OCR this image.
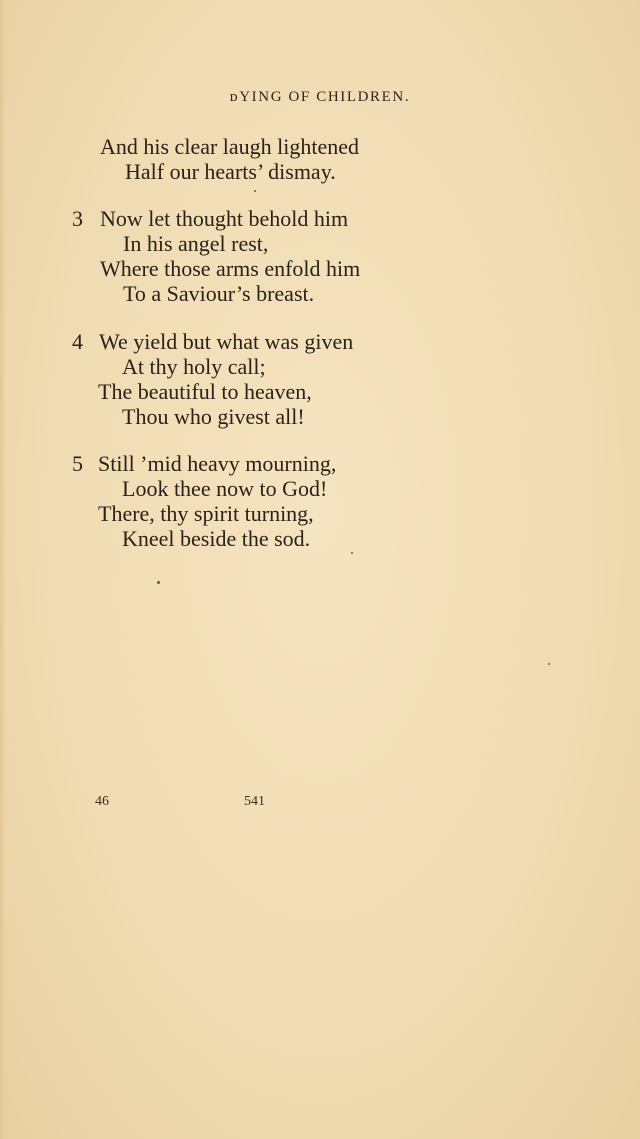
ᴅYING OF CHILDREN.
And his clear laugh lightened
Half our hearts’ dismay.
3 Now let thought behold him
In his angel rest,
Where those arms enfold him
To a Saviour’s breast.
4 We yield but what was given
At thy holy call;
The beautiful to heaven,
Thou who givest all!
5 Still ’mid heavy mourning,
Look thee now to God!
There, thy spirit turning,
Kneel beside the sod.
46	541
